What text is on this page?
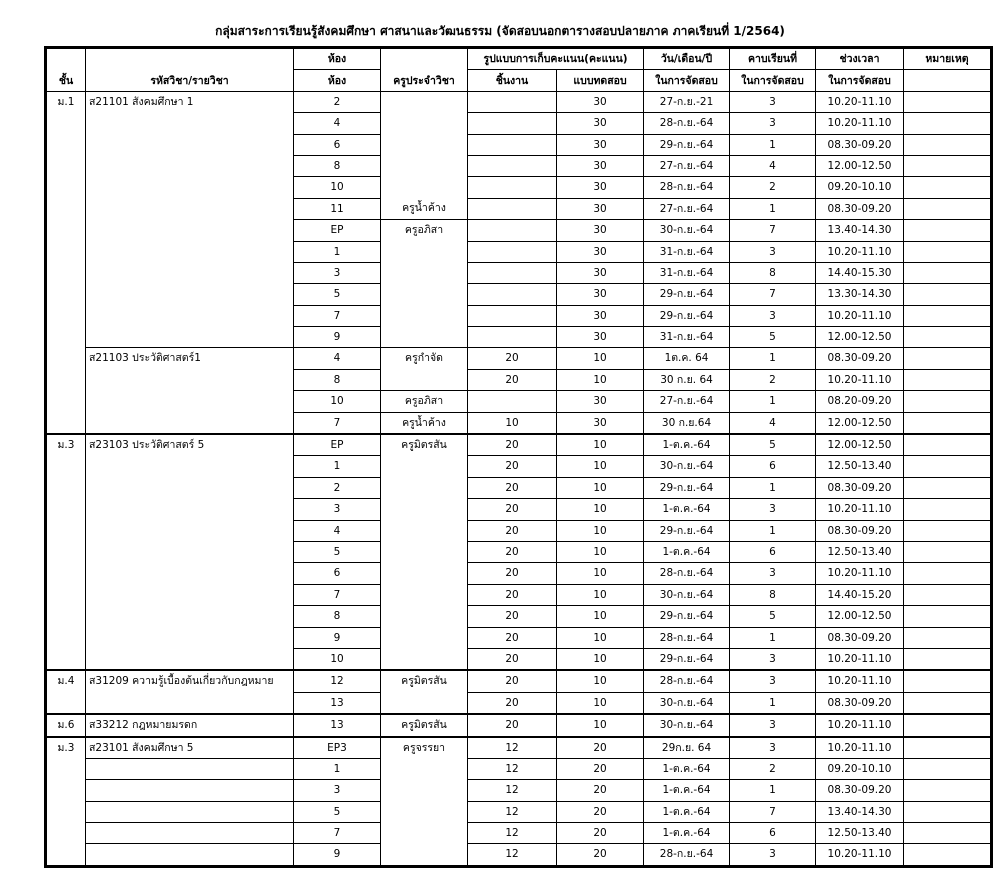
กลุ่มสาระการเรียนรู้สังคมศึกษา ศาสนาและวัฒนธรรม (จัดสอบนอกตารางสอบปลายภาค ภาคเรียนที่ 1/2564)
ชั้น	รหัสวิชา/รายวิชา	ห้อง	ครูประจำวิชา	รูปแบบการเก็บคะแนน(คะแนน)		วัน/เดือน/ปี	คาบเรียนที่	ช่วงเวลา	หมายเหตุ
		ห้อง		ชิ้นงาน	แบบทดสอบ	ในการจัดสอบ	ในการจัดสอบ	ในการจัดสอบ	
ม.1	ส21101 สังคมศึกษา 1	2			30	27-ก.ย.-21	3	10.20-11.10	
		4			30	28-ก.ย.-64	3	10.20-11.10	
		6			30	29-ก.ย.-64	1	08.30-09.20	
		8			30	27-ก.ย.-64	4	12.00-12.50	
		10			30	28-ก.ย.-64	2	09.20-10.10	
		11	ครูน้ำค้าง		30	27-ก.ย.-64	1	08.30-09.20	
		EP	ครูอภิสา		30	30-ก.ย.-64	7	13.40-14.30	
		1			30	31-ก.ย.-64	3	10.20-11.10	
		3			30	31-ก.ย.-64	8	14.40-15.30	
		5			30	29-ก.ย.-64	7	13.30-14.30	
		7			30	29-ก.ย.-64	3	10.20-11.10	
		9			30	31-ก.ย.-64	5	12.00-12.50	
	ส21103 ประวัติศาสตร์1	4	ครูกำจัด	20	10	1ต.ค. 64	1	08.30-09.20	
		8		20	10	30 ก.ย. 64	2	10.20-11.10	
		10	ครูอภิสา		30	27-ก.ย.-64	1	08.20-09.20	
		7	ครูน้ำค้าง	10	30	30 ก.ย.64	4	12.00-12.50	
ม.3	ส23103 ประวัติศาสตร์ 5	EP	ครูมิตรสัน	20	10	1-ต.ค.-64	5	12.00-12.50	
		1		20	10	30-ก.ย.-64	6	12.50-13.40	
		2		20	10	29-ก.ย.-64	1	08.30-09.20	
		3		20	10	1-ต.ค.-64	3	10.20-11.10	
		4		20	10	29-ก.ย.-64	1	08.30-09.20	
		5		20	10	1-ต.ค.-64	6	12.50-13.40	
		6		20	10	28-ก.ย.-64	3	10.20-11.10	
		7		20	10	30-ก.ย.-64	8	14.40-15.20	
		8		20	10	29-ก.ย.-64	5	12.00-12.50	
		9		20	10	28-ก.ย.-64	1	08.30-09.20	
		10		20	10	29-ก.ย.-64	3	10.20-11.10	
ม.4	ส31209 ความรู้เบื้องต้นเกี่ยวกับกฎหมาย	12	ครูมิตรสัน	20	10	28-ก.ย.-64	3	10.20-11.10	
		13		20	10	30-ก.ย.-64	1	08.30-09.20	
ม.6	ส33212 กฎหมายมรดก	13	ครูมิตรสัน	20	10	30-ก.ย.-64	3	10.20-11.10	
ม.3	ส23101 สังคมศึกษา 5	EP3	ครูจรรยา	12	20	29ก.ย. 64	3	10.20-11.10	
		1		12	20	1-ต.ค.-64	2	09.20-10.10	
		3		12	20	1-ต.ค.-64	1	08.30-09.20	
		5		12	20	1-ต.ค.-64	7	13.40-14.30	
		7		12	20	1-ต.ค.-64	6	12.50-13.40	
		9		12	20	28-ก.ย.-64	3	10.20-11.10	
